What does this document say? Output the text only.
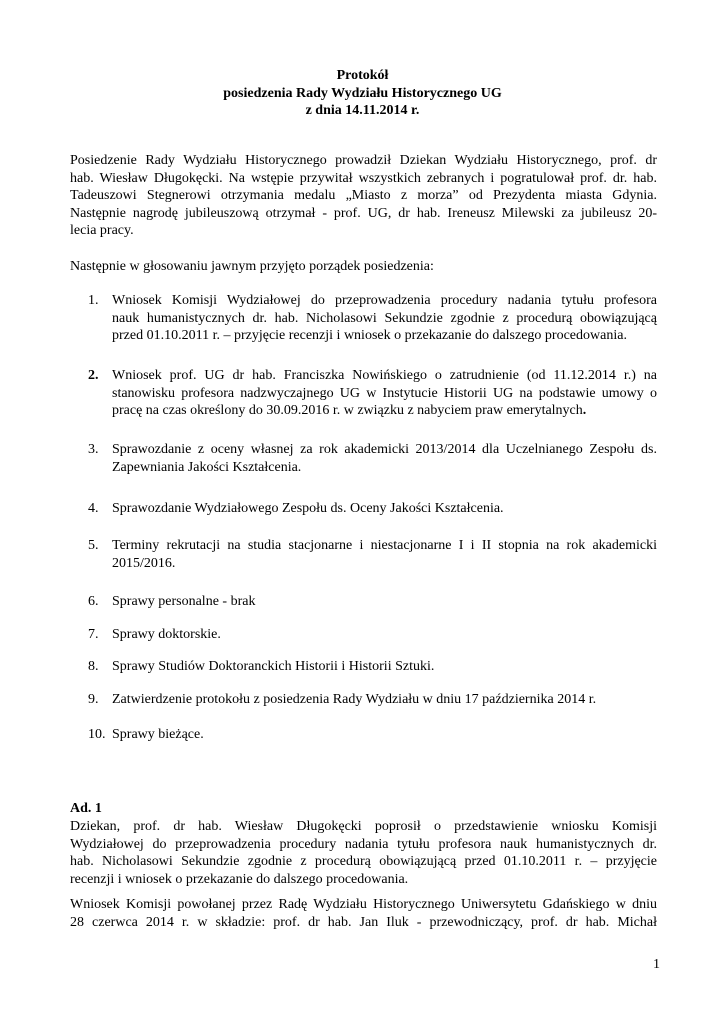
Protokół
posiedzenia Rady Wydziału Historycznego UG
z dnia 14.11.2014 r.
Posiedzenie Rady Wydziału Historycznego prowadził Dziekan Wydziału Historycznego, prof. dr
hab. Wiesław Długokęcki. Na wstępie przywitał wszystkich zebranych i pogratulował prof. dr. hab.
Tadeuszowi Stegnerowi otrzymania medalu „Miasto z morza” od Prezydenta miasta Gdynia.
Następnie nagrodę jubileuszową otrzymał - prof. UG, dr hab. Ireneusz Milewski za jubileusz 20-
lecia pracy.
Następnie w głosowaniu jawnym przyjęto porządek posiedzenia:
1. Wniosek Komisji Wydziałowej do przeprowadzenia procedury nadania tytułu profesora
nauk humanistycznych dr. hab. Nicholasowi Sekundzie zgodnie z procedurą obowiązującą
przed 01.10.2011 r. – przyjęcie recenzji i wniosek o przekazanie do dalszego procedowania.
2. Wniosek prof. UG dr hab. Franciszka Nowińskiego o zatrudnienie (od 11.12.2014 r.) na
stanowisku profesora nadzwyczajnego UG w Instytucie Historii UG na podstawie umowy o
pracę na czas określony do 30.09.2016 r. w związku z nabyciem praw emerytalnych.
3. Sprawozdanie z oceny własnej za rok akademicki 2013/2014 dla Uczelnianego Zespołu ds.
Zapewniania Jakości Kształcenia.
4. Sprawozdanie Wydziałowego Zespołu ds. Oceny Jakości Kształcenia.
5. Terminy rekrutacji na studia stacjonarne i niestacjonarne I i II stopnia na rok akademicki
2015/2016.
6. Sprawy personalne - brak
7. Sprawy doktorskie.
8. Sprawy Studiów Doktoranckich Historii i Historii Sztuki.
9. Zatwierdzenie protokołu z posiedzenia Rady Wydziału w dniu 17 października 2014 r.
10. Sprawy bieżące.
Ad. 1
Dziekan, prof. dr hab. Wiesław Długokęcki poprosił o przedstawienie wniosku Komisji
Wydziałowej do przeprowadzenia procedury nadania tytułu profesora nauk humanistycznych dr.
hab. Nicholasowi Sekundzie zgodnie z procedurą obowiązującą przed 01.10.2011 r. – przyjęcie
recenzji i wniosek o przekazanie do dalszego procedowania.
Wniosek Komisji powołanej przez Radę Wydziału Historycznego Uniwersytetu Gdańskiego w dniu
28 czerwca 2014 r. w składzie: prof. dr hab. Jan Iluk - przewodniczący, prof. dr hab. Michał
1
